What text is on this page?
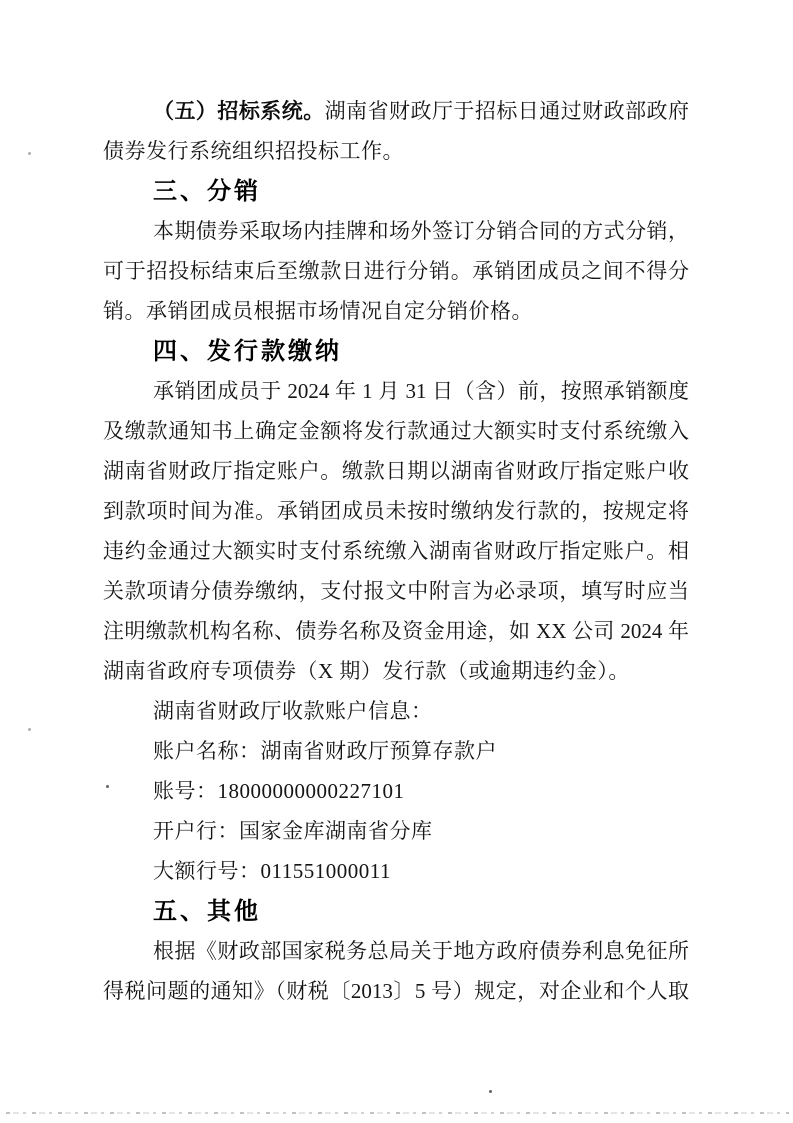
（五）招标系统。湖南省财政厅于招标日通过财政部政府
债券发行系统组织招投标工作。
三、分销
本期债券采取场内挂牌和场外签订分销合同的方式分销，
可于招投标结束后至缴款日进行分销。承销团成员之间不得分
销。承销团成员根据市场情况自定分销价格。
四、发行款缴纳
承销团成员于 2024 年 1 月 31 日（含）前，按照承销额度
及缴款通知书上确定金额将发行款通过大额实时支付系统缴入
湖南省财政厅指定账户。缴款日期以湖南省财政厅指定账户收
到款项时间为准。承销团成员未按时缴纳发行款的，按规定将
违约金通过大额实时支付系统缴入湖南省财政厅指定账户。相
关款项请分债券缴纳，支付报文中附言为必录项，填写时应当
注明缴款机构名称、债券名称及资金用途，如 XX 公司 2024 年
湖南省政府专项债券（X 期）发行款（或逾期违约金）。
湖南省财政厅收款账户信息：
账户名称：湖南省财政厅预算存款户
账号：18000000000227101
开户行：国家金库湖南省分库
大额行号：011551000011
五、其他
根据《财政部国家税务总局关于地方政府债券利息免征所
得税问题的通知》（财税〔2013〕5 号）规定，对企业和个人取
